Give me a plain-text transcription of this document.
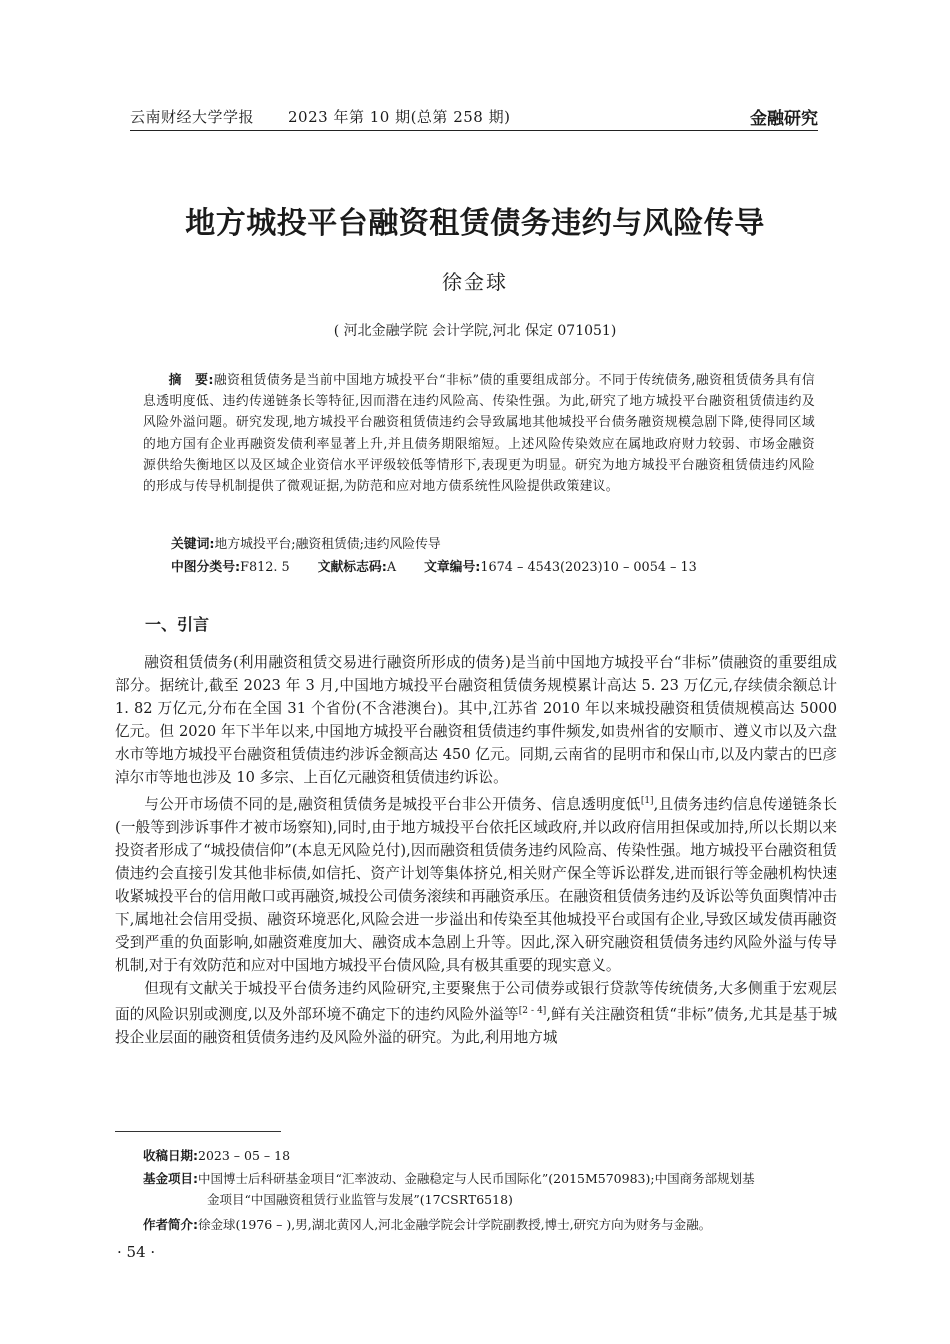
云南财经大学学报 2023 年第 10 期(总第 258 期)	金融研究
地方城投平台融资租赁债务违约与风险传导
徐金球
( 河北金融学院 会计学院,河北 保定 071051)

摘　要:融资租赁债务是当前中国地方城投平台“非标”债的重要组成部分。不同于传统债务,融资租赁债务具有信息透明度低、违约传递链条长等特征,因而潜在违约风险高、传染性强。为此,研究了地方城投平台融资租赁债违约及风险外溢问题。研究发现,地方城投平台融资租赁债违约会导致属地其他城投平台债务融资规模急剧下降,使得同区域的地方国有企业再融资发债利率显著上升,并且债务期限缩短。上述风险传染效应在属地政府财力较弱、市场金融资源供给失衡地区以及区域企业资信水平评级较低等情形下,表现更为明显。研究为地方城投平台融资租赁债违约风险的形成与传导机制提供了微观证据,为防范和应对地方债系统性风险提供政策建议。

关键词:地方城投平台;融资租赁债;违约风险传导
中图分类号:F812. 5 文献标志码:A 文章编号:1674 – 4543(2023)10 – 0054 – 13
一、引言

融资租赁债务(利用融资租赁交易进行融资所形成的债务)是当前中国地方城投平台“非标”债融资的重要组成部分。据统计,截至 2023 年 3 月,中国地方城投平台融资租赁债务规模累计高达 5. 23 万亿元,存续债余额总计 1. 82 万亿元,分布在全国 31 个省份(不含港澳台)。其中,江苏省 2010 年以来城投融资租赁债规模高达 5000 亿元。但 2020 年下半年以来,中国地方城投平台融资租赁债违约事件频发,如贵州省的安顺市、遵义市以及六盘水市等地方城投平台融资租赁债违约涉诉金额高达 450 亿元。同期,云南省的昆明市和保山市,以及内蒙古的巴彦淖尔市等地也涉及 10 多宗、上百亿元融资租赁债违约诉讼。

与公开市场债不同的是,融资租赁债务是城投平台非公开债务、信息透明度低[1],且债务违约信息传递链条长(一般等到涉诉事件才被市场察知),同时,由于地方城投平台依托区域政府,并以政府信用担保或加持,所以长期以来投资者形成了“城投债信仰”(本息无风险兑付),因而融资租赁债务违约风险高、传染性强。地方城投平台融资租赁债违约会直接引发其他非标债,如信托、资产计划等集体挤兑,相关财产保全等诉讼群发,进而银行等金融机构快速收紧城投平台的信用敞口或再融资,城投公司债务滚续和再融资承压。在融资租赁债务违约及诉讼等负面舆情冲击下,属地社会信用受损、融资环境恶化,风险会进一步溢出和传染至其他城投平台或国有企业,导致区域发债再融资受到严重的负面影响,如融资难度加大、融资成本急剧上升等。因此,深入研究融资租赁债务违约风险外溢与传导机制,对于有效防范和应对中国地方城投平台债风险,具有极其重要的现实意义。

但现有文献关于城投平台债务违约风险研究,主要聚焦于公司债券或银行贷款等传统债务,大多侧重于宏观层面的风险识别或测度,以及外部环境不确定下的违约风险外溢等[2 - 4],鲜有关注融资租赁“非标”债务,尤其是基于城投企业层面的融资租赁债务违约及风险外溢的研究。为此,利用地方城

收稿日期:2023 – 05 – 18
基金项目:中国博士后科研基金项目“汇率波动、金融稳定与人民币国际化”(2015M570983);中国商务部规划基
金项目“中国融资租赁行业监管与发展”(17CSRT6518)
作者简介:徐金球(1976 – ),男,湖北黄冈人,河北金融学院会计学院副教授,博士,研究方向为财务与金融。
· 54 ·
